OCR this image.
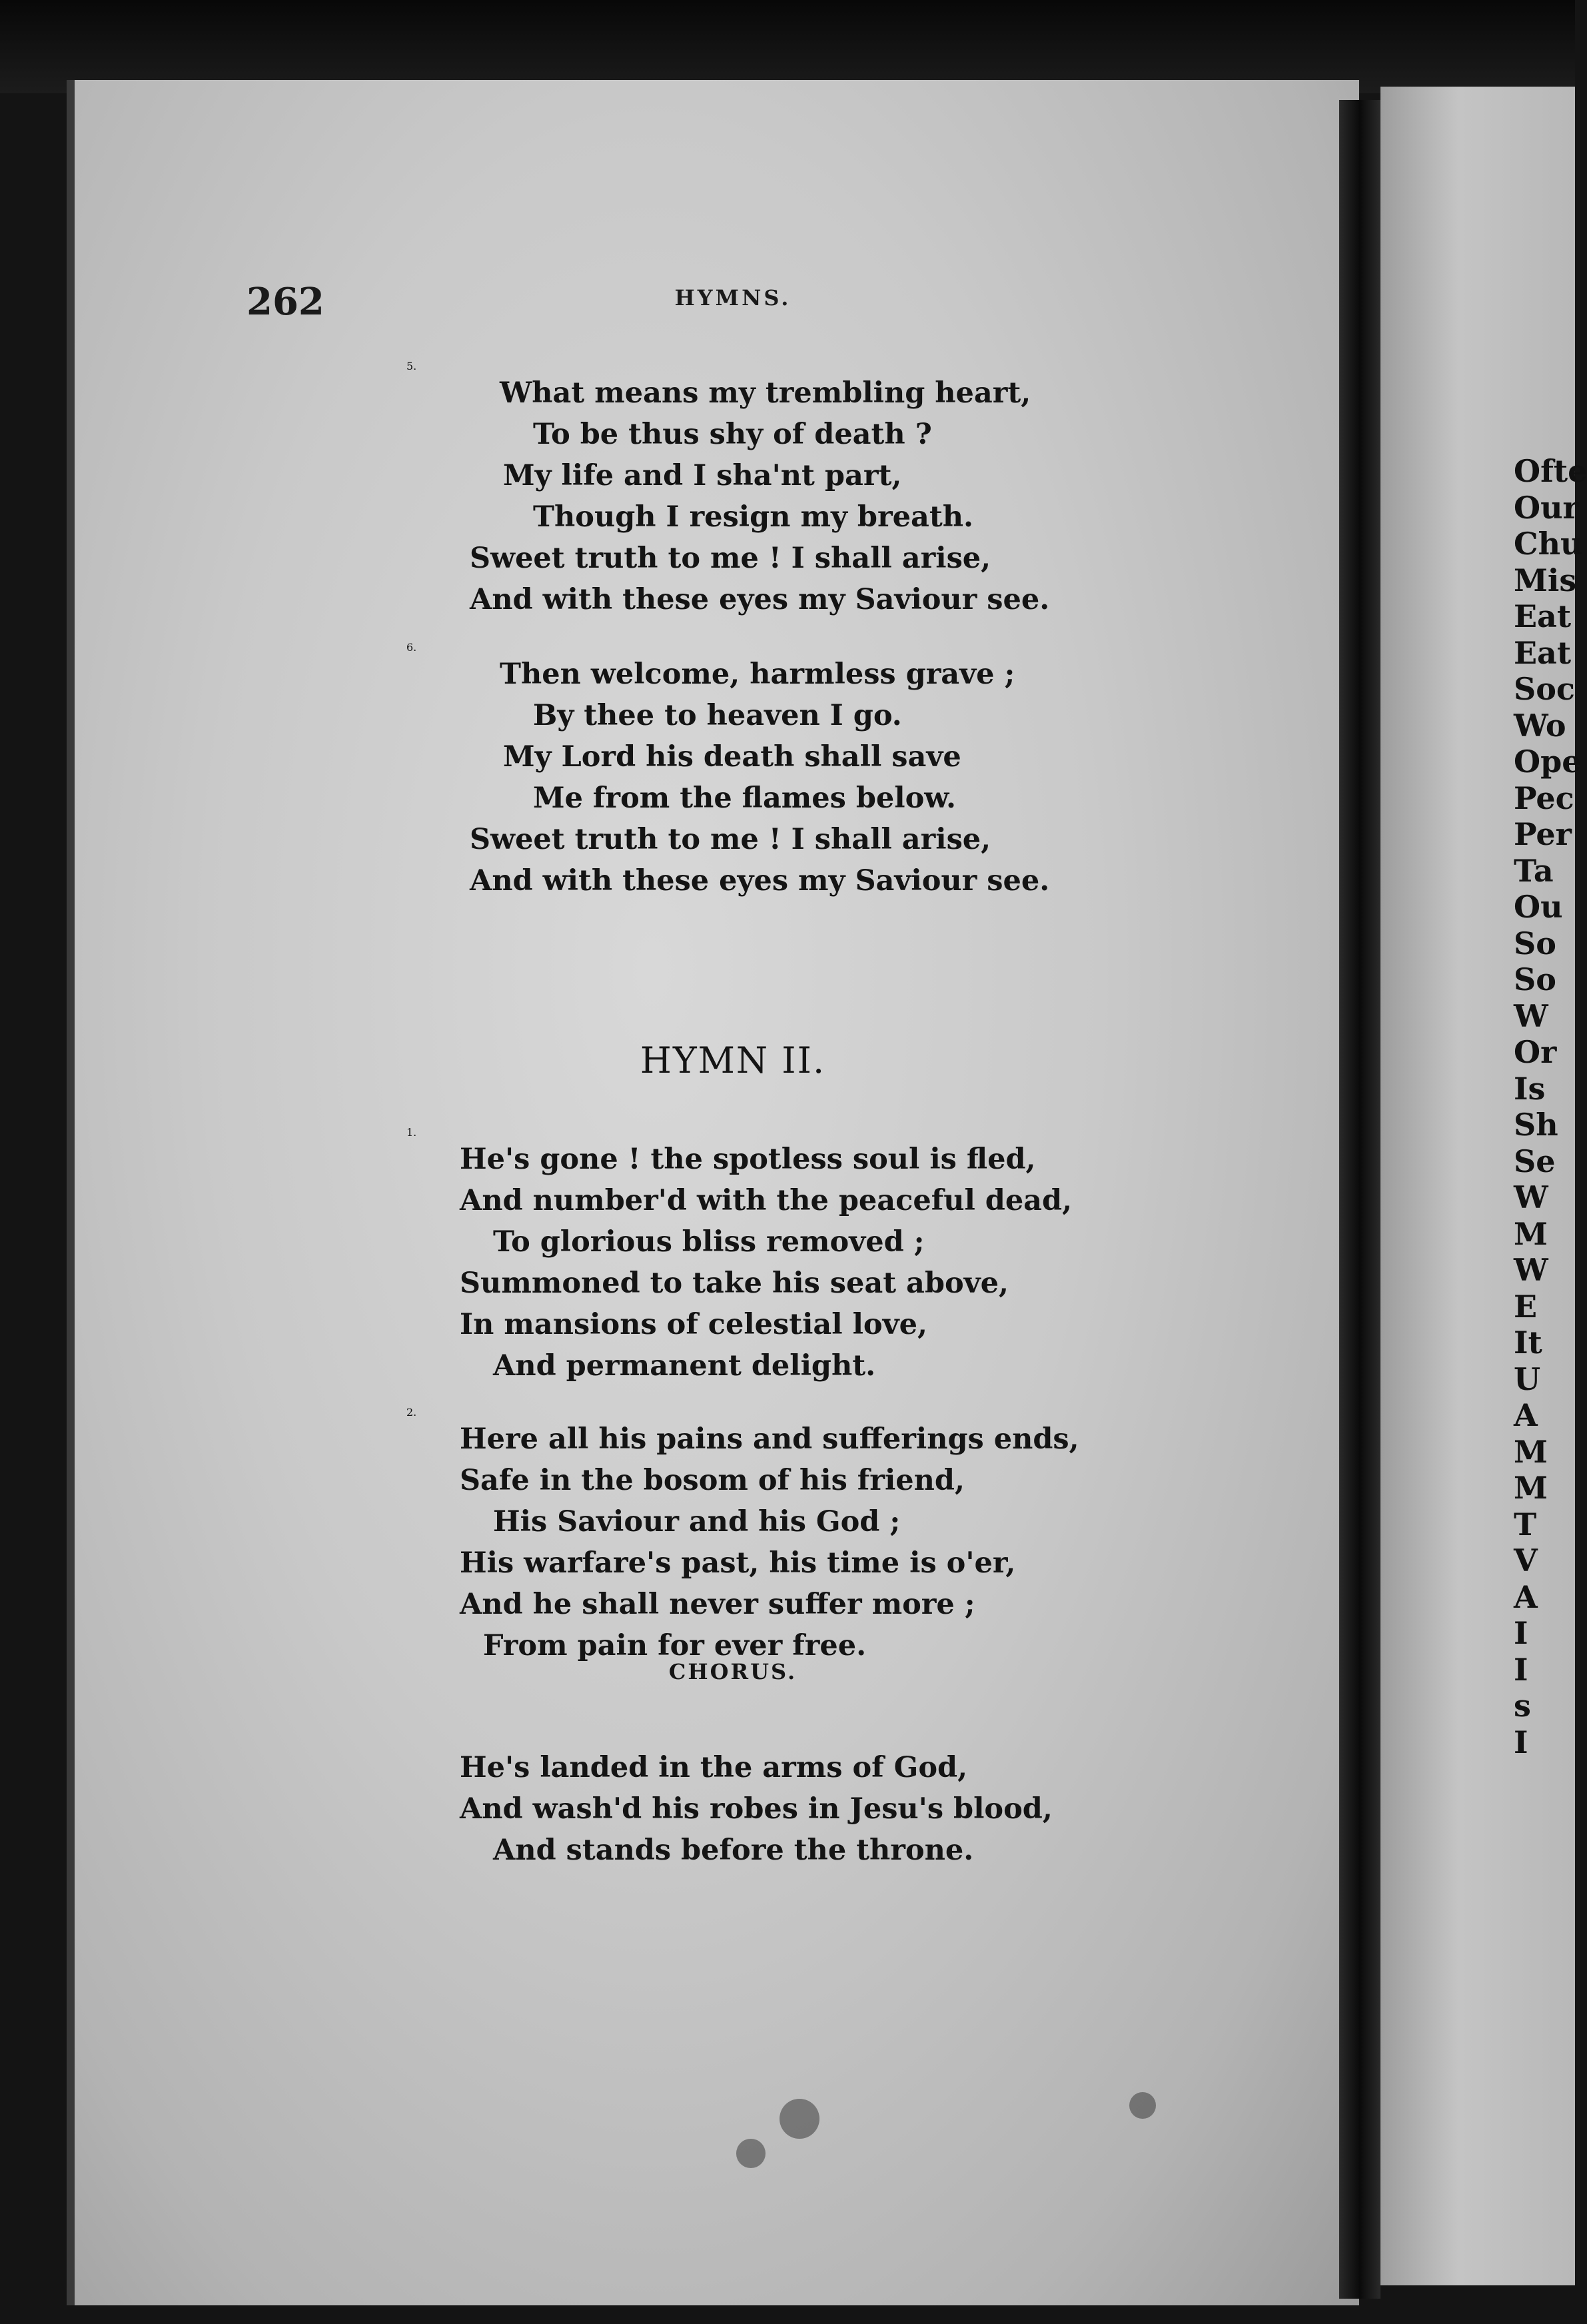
262	HYMNS.
5.
What means my trembling heart,
To be thus shy of death ?
My life and I sha'nt part,
Though I resign my breath.
Sweet truth to me ! I shall arise,
And with these eyes my Saviour see.
6.
Then welcome, harmless grave ;
By thee to heaven I go.
My Lord his death shall save
Me from the flames below.
Sweet truth to me ! I shall arise,
And with these eyes my Saviour see.
HYMN II.
1.
He's gone ! the spotless soul is fled,
And number'd with the peaceful dead,
To glorious bliss removed ;
Summoned to take his seat above,
In mansions of celestial love,
And permanent delight.
2.
Here all his pains and sufferings ends,
Safe in the bosom of his friend,
His Saviour and his God ;
His warfare's past, his time is o'er,
And he shall never suffer more ;
From pain for ever free.
CHORUS.
He's landed in the arms of God,
And wash'd his robes in Jesu's blood,
And stands before the throne.
Ofte
Our
Chu
Mis
Eat
Eat
Soc
Wo
Ope
Pec
Per
Ta
Ou
So
So
W
Or
Is
Sh
Se
W
M
W
E
It
U
A
M
M
T
V
A
I
I
s
I
